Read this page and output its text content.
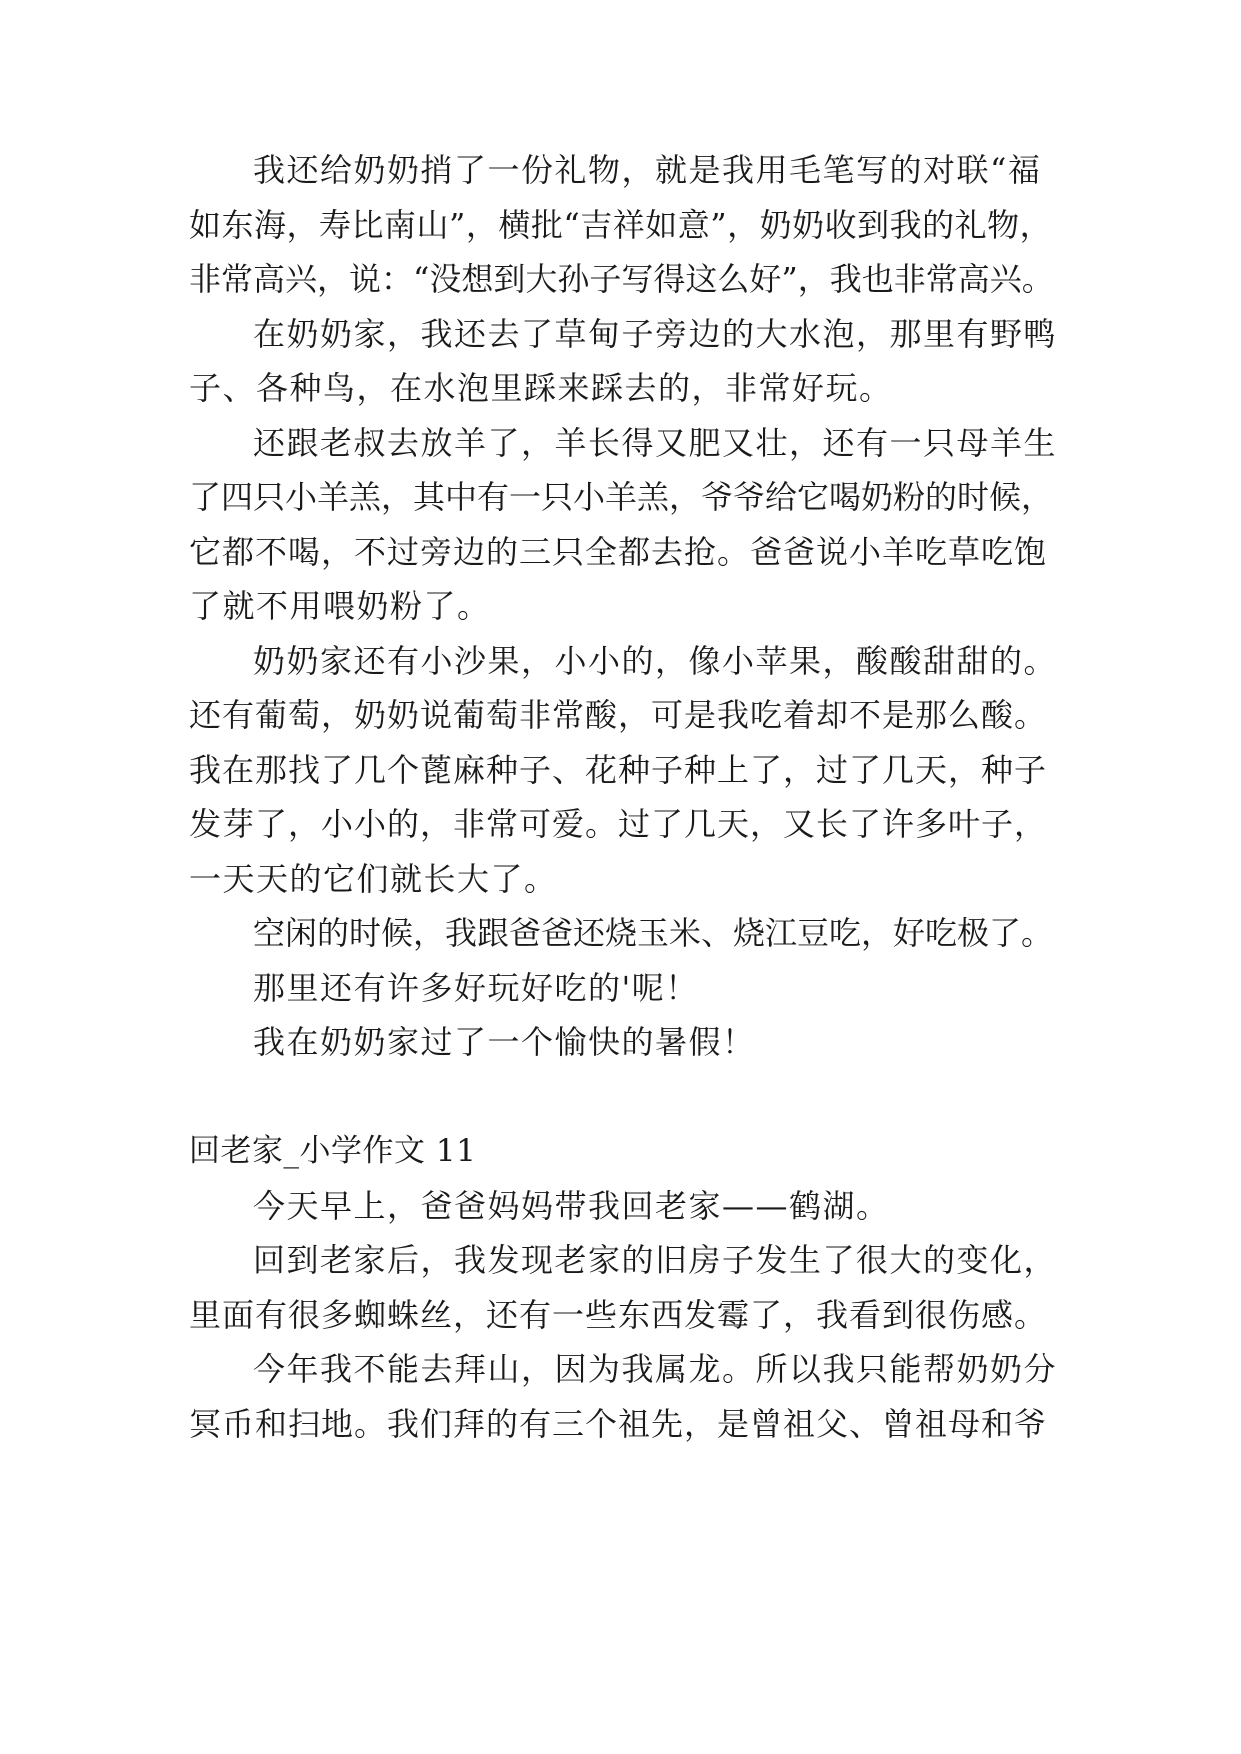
我还给奶奶捎了一份礼物，就是我用毛笔写的对联“福
如东海，寿比南山”，横批“吉祥如意”，奶奶收到我的礼物，
非常高兴，说：“没想到大孙子写得这么好”，我也非常高兴。
在奶奶家，我还去了草甸子旁边的大水泡，那里有野鸭
子、各种鸟，在水泡里踩来踩去的，非常好玩。
还跟老叔去放羊了，羊长得又肥又壮，还有一只母羊生
了四只小羊羔，其中有一只小羊羔，爷爷给它喝奶粉的时候，
它都不喝，不过旁边的三只全都去抢。爸爸说小羊吃草吃饱
了就不用喂奶粉了。
奶奶家还有小沙果，小小的，像小苹果，酸酸甜甜的。
还有葡萄，奶奶说葡萄非常酸，可是我吃着却不是那么酸。
我在那找了几个蓖麻种子、花种子种上了，过了几天，种子
发芽了，小小的，非常可爱。过了几天，又长了许多叶子，
一天天的它们就长大了。
空闲的时候，我跟爸爸还烧玉米、烧江豆吃，好吃极了。
那里还有许多好玩好吃的'呢！
我在奶奶家过了一个愉快的暑假！
回老家_小学作文 11
今天早上，爸爸妈妈带我回老家——鹤湖。
回到老家后，我发现老家的旧房子发生了很大的变化，
里面有很多蜘蛛丝，还有一些东西发霉了，我看到很伤感。
今年我不能去拜山，因为我属龙。所以我只能帮奶奶分
冥币和扫地。我们拜的有三个祖先，是曾祖父、曾祖母和爷
